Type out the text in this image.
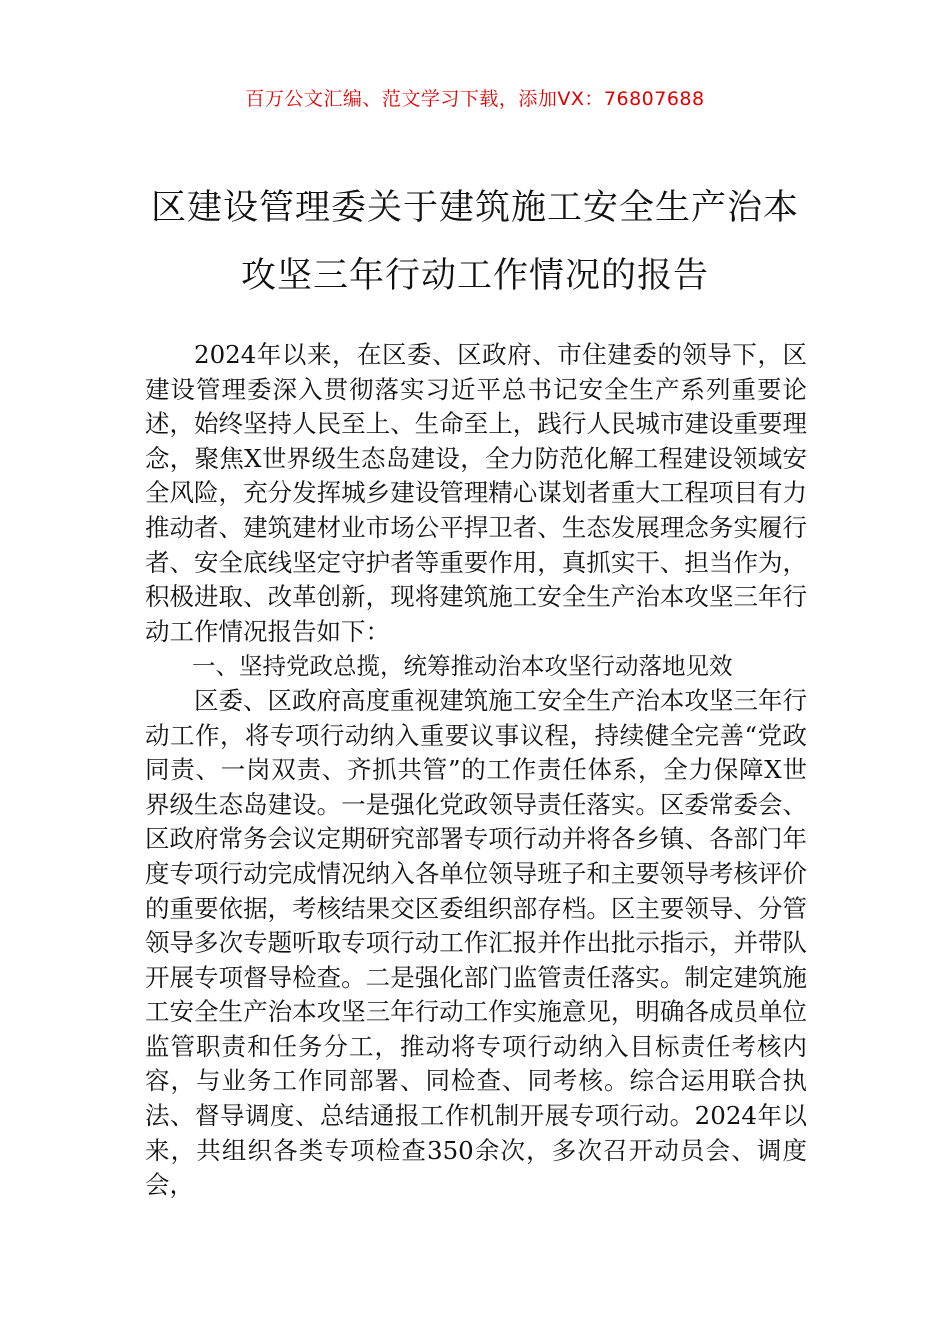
百万公文汇编、范文学习下载，添加VX：76807688
区建设管理委关于建筑施工安全生产治本
攻坚三年行动工作情况的报告

2024年以来，在区委、区政府、市住建委的领导下，区建设管理委深入贯彻落实习近平总书记安全生产系列重要论述，始终坚持人民至上、生命至上，践行人民城市建设重要理念，聚焦X世界级生态岛建设，全力防范化解工程建设领域安全风险，充分发挥城乡建设管理精心谋划者重大工程项目有力推动者、建筑建材业市场公平捍卫者、生态发展理念务实履行者、安全底线坚定守护者等重要作用，真抓实干、担当作为，积极进取、改革创新，现将建筑施工安全生产治本攻坚三年行动工作情况报告如下：

一、坚持党政总揽，统筹推动治本攻坚行动落地见效

区委、区政府高度重视建筑施工安全生产治本攻坚三年行动工作，将专项行动纳入重要议事议程，持续健全完善“党政同责、一岗双责、齐抓共管”的工作责任体系，全力保障X世界级生态岛建设。一是强化党政领导责任落实。区委常委会、区政府常务会议定期研究部署专项行动并将各乡镇、各部门年度专项行动完成情况纳入各单位领导班子和主要领导考核评价的重要依据，考核结果交区委组织部存档。区主要领导、分管领导多次专题听取专项行动工作汇报并作出批示指示，并带队开展专项督导检查。二是强化部门监管责任落实。制定建筑施工安全生产治本攻坚三年行动工作实施意见，明确各成员单位监管职责和任务分工，推动将专项行动纳入目标责任考核内容，与业务工作同部署、同检查、同考核。综合运用联合执法、督导调度、总结通报工作机制开展专项行动。2024年以来，共组织各类专项检查350余次，多次召开动员会、调度会，
